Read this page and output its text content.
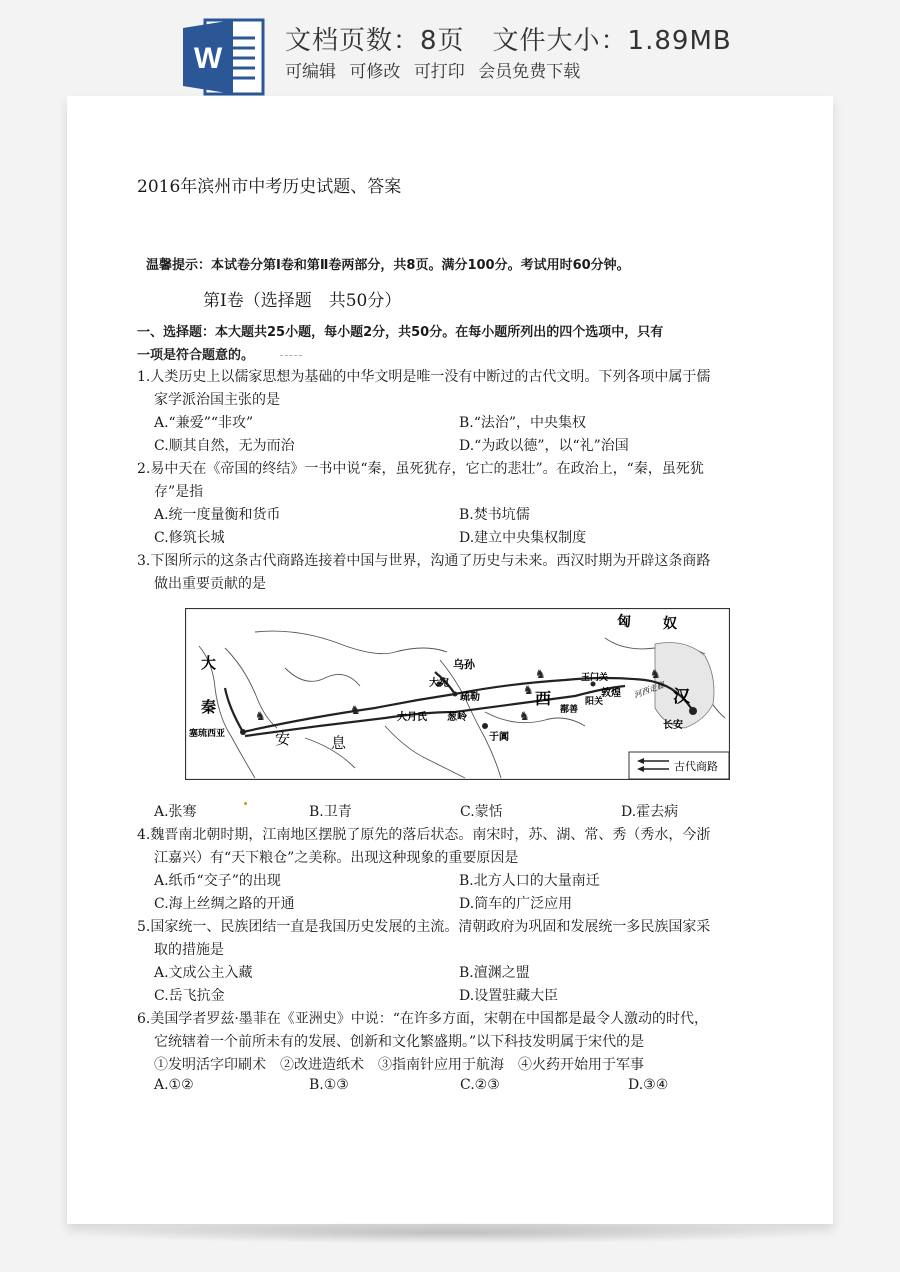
W
文档页数：8页 文件大小：1.89MB
可编辑 可修改 可打印 会员免费下载
2016年滨州市中考历史试题、答案
温馨提示：本试卷分第Ⅰ卷和第Ⅱ卷两部分，共8页。满分100分。考试用时60分钟。
第Ⅰ卷（选择题　共50分）
一、选择题：本大题共25小题，每小题2分，共50分。在每小题所列出的四个选项中，只有
一项是符合题意的。
1.人类历史上以儒家思想为基础的中华文明是唯一没有中断过的古代文明。下列各项中属于儒
家学派治国主张的是
A.“兼爱”“非攻”	B.“法治”，中央集权
C.顺其自然，无为而治	D.“为政以德”，以“礼”治国
2.易中天在《帝国的终结》一书中说“秦，虽死犹存，它亡的悲壮”。在政治上，“秦，虽死犹
存”是指
A.统一度量衡和货币	B.焚书坑儒
C.修筑长城	D.建立中央集权制度
3.下图所示的这条古代商路连接着中国与世界，沟通了历史与未来。西汉时期为开辟这条商路
做出重要贡献的是
♞	♞
♞
♞	♞
♞
匈 奴
大
秦
乌孙
大宛
疏勒	西
玉门关
敦煌 河西走廊 汉
阳关
鄯善
葱岭
大月氏
于阗
安	息
塞琉西亚
长安
古代商路
A.张骞	B.卫青	C.蒙恬	D.霍去病
4.魏晋南北朝时期，江南地区摆脱了原先的落后状态。南宋时，苏、湖、常、秀（秀水，今浙
江嘉兴）有“天下粮仓”之美称。出现这种现象的重要原因是
A.纸币“交子”的出现	B.北方人口的大量南迁
C.海上丝绸之路的开通	D.筒车的广泛应用
5.国家统一、民族团结一直是我国历史发展的主流。清朝政府为巩固和发展统一多民族国家采
取的措施是
A.文成公主入藏	B.澶渊之盟
C.岳飞抗金	D.设置驻藏大臣
6.美国学者罗兹·墨菲在《亚洲史》中说：“在许多方面，宋朝在中国都是最令人激动的时代，
它统辖着一个前所未有的发展、创新和文化繁盛期。”以下科技发明属于宋代的是
①发明活字印刷术　②改进造纸术　③指南针应用于航海　④火药开始用于军事
A.①②	B.①③	C.②③	D.③④
